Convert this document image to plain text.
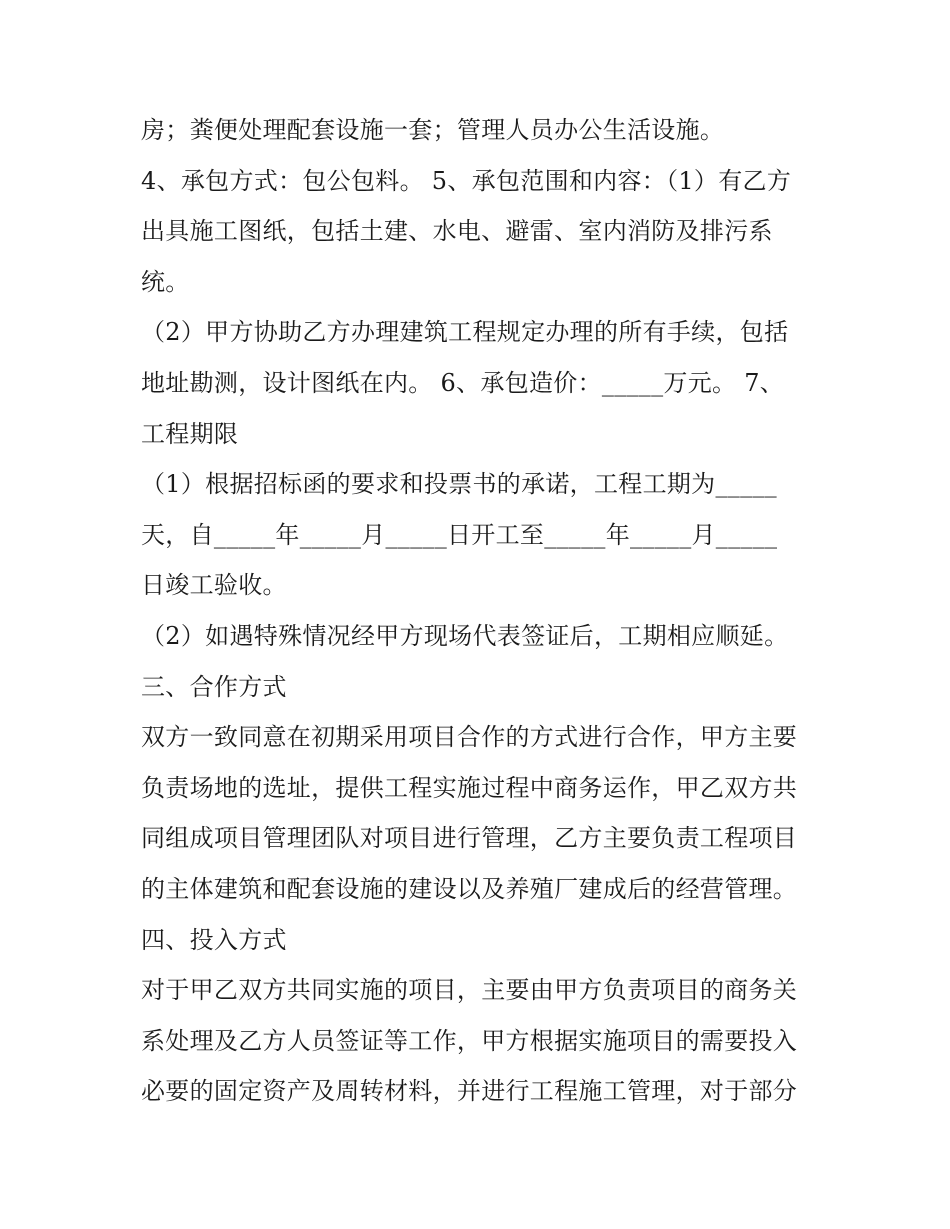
房；粪便处理配套设施一套；管理人员办公生活设施。
4、承包方式：包公包料。 5、承包范围和内容：（1）有乙方
出具施工图纸，包括土建、水电、避雷、室内消防及排污系
统。
（2）甲方协助乙方办理建筑工程规定办理的所有手续，包括
地址勘测，设计图纸在内。 6、承包造价：_____万元。 7、
工程期限
（1）根据招标函的要求和投票书的承诺，工程工期为_____
天，自_____年_____月_____日开工至_____年_____月_____
日竣工验收。
（2）如遇特殊情况经甲方现场代表签证后，工期相应顺延。
三、合作方式
双方一致同意在初期采用项目合作的方式进行合作，甲方主要
负责场地的选址，提供工程实施过程中商务运作，甲乙双方共
同组成项目管理团队对项目进行管理，乙方主要负责工程项目
的主体建筑和配套设施的建设以及养殖厂建成后的经营管理。
四、投入方式
对于甲乙双方共同实施的项目，主要由甲方负责项目的商务关
系处理及乙方人员签证等工作，甲方根据实施项目的需要投入
必要的固定资产及周转材料，并进行工程施工管理，对于部分
